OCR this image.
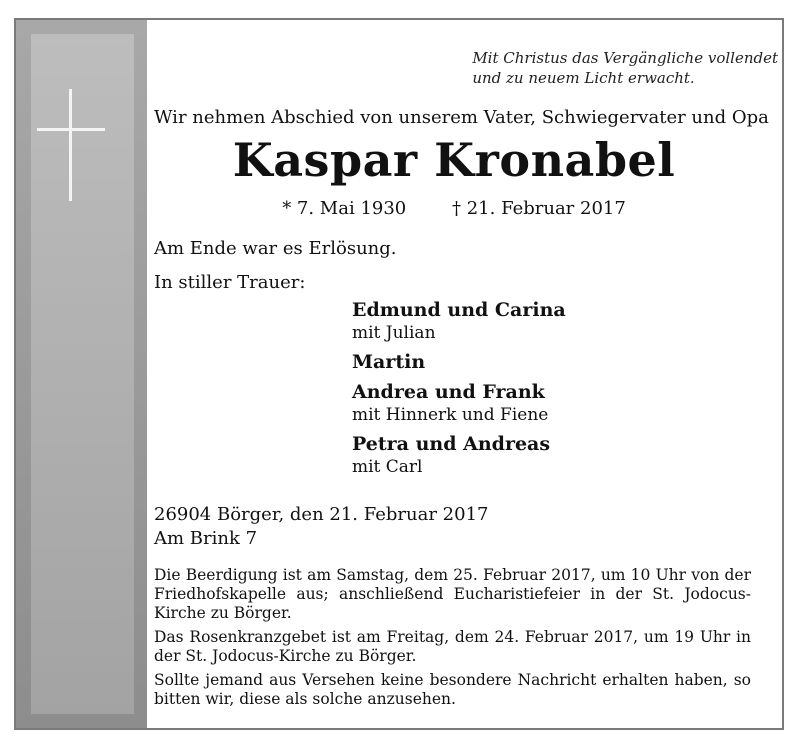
Mit Christus das Vergängliche vollendet
und zu neuem Licht erwacht.
Wir nehmen Abschied von unserem Vater, Schwiegervater und Opa
Kaspar Kronabel
* 7. Mai 1930	† 21. Februar 2017
Am Ende war es Erlösung.
In stiller Trauer:
Edmund und Carina
mit Julian
Martin
Andrea und Frank
mit Hinnerk und Fiene
Petra und Andreas
mit Carl
26904 Börger, den 21. Februar 2017
Am Brink 7

Die Beerdigung ist am Samstag, dem 25. Februar 2017, um 10 Uhr von der Friedhofskapelle aus; anschließend Eucharistiefeier in der St. Jodocus-Kirche zu Börger.

Das Rosenkranzgebet ist am Freitag, dem 24. Februar 2017, um 19 Uhr in der St. Jodocus-Kirche zu Börger.

Sollte jemand aus Versehen keine besondere Nachricht erhalten haben, so bitten wir, diese als solche anzusehen.
